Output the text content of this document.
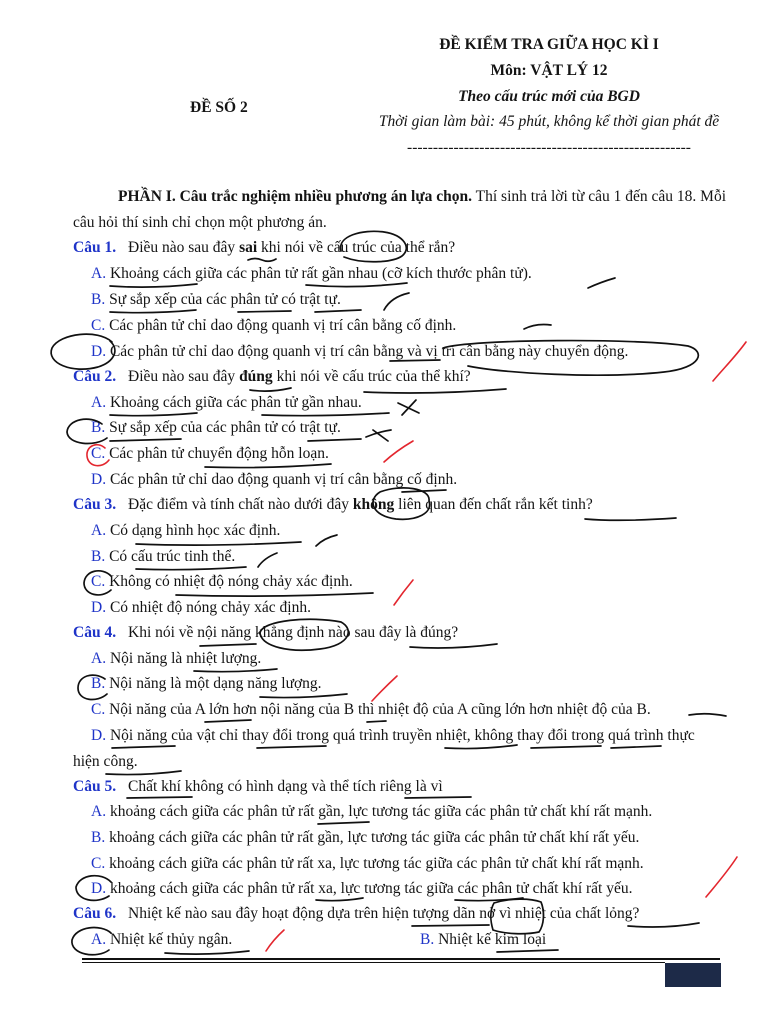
ĐỀ SỐ 2
ĐỀ KIỂM TRA GIỮA HỌC KÌ I
Môn: VẬT LÝ 12
Theo cấu trúc mới của BGD
Thời gian làm bài: 45 phút, không kể thời gian phát đề
-------------------------------------------------------

PHẦN I. Câu trắc nghiệm nhiều phương án lựa chọn. Thí sinh trả lời từ câu 1 đến câu 18. Mỗi câu hỏi thí sinh chỉ chọn một phương án.

Câu 1. Điều nào sau đây sai khi nói về cấu trúc của thể rắn?
A. Khoảng cách giữa các phân tử rất gần nhau (cỡ kích thước phân tử).
B. Sự sắp xếp của các phân tử có trật tự.
C. Các phân tử chỉ dao động quanh vị trí cân bằng cố định.
D. Các phân tử chỉ dao động quanh vị trí cân bằng và vị trí cân bằng này chuyển động.
Câu 2. Điều nào sau đây đúng khi nói về cấu trúc của thể khí?
A. Khoảng cách giữa các phân tử gần nhau.
B. Sự sắp xếp của các phân tử có trật tự.
C. Các phân tử chuyển động hỗn loạn.
D. Các phân tử chỉ dao động quanh vị trí cân bằng cố định.
Câu 3. Đặc điểm và tính chất nào dưới đây không liên quan đến chất rắn kết tinh?
A. Có dạng hình học xác định.
B. Có cấu trúc tinh thể.
C. Không có nhiệt độ nóng chảy xác định.
D. Có nhiệt độ nóng chảy xác định.
Câu 4. Khi nói về nội năng khẳng định nào sau đây là đúng?
A. Nội năng là nhiệt lượng.
B. Nội năng là một dạng năng lượng.
C. Nội năng của A lớn hơn nội năng của B thì nhiệt độ của A cũng lớn hơn nhiệt độ của B.
D. Nội năng của vật chỉ thay đổi trong quá trình truyền nhiệt, không thay đổi trong quá trình thực hiện công.
Câu 5. Chất khí không có hình dạng và thể tích riêng là vì
A. khoảng cách giữa các phân tử rất gần, lực tương tác giữa các phân tử chất khí rất mạnh.
B. khoảng cách giữa các phân tử rất gần, lực tương tác giữa các phân tử chất khí rất yếu.
C. khoảng cách giữa các phân tử rất xa, lực tương tác giữa các phân tử chất khí rất mạnh.
D. khoảng cách giữa các phân tử rất xa, lực tương tác giữa các phân tử chất khí rất yếu.
Câu 6. Nhiệt kế nào sau đây hoạt động dựa trên hiện tượng dãn nở vì nhiệt của chất lỏng?
A. Nhiệt kế thủy ngân.	B. Nhiệt kế kim loại
